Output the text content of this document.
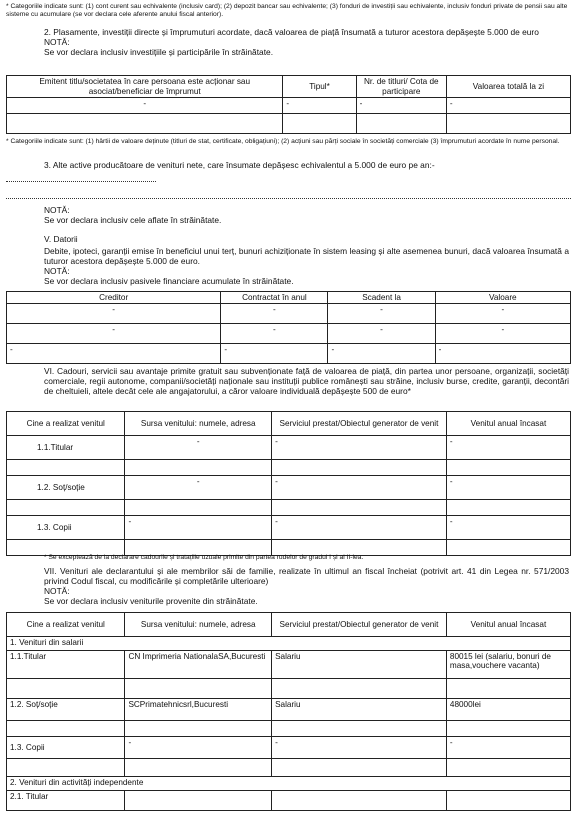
* Categoriile indicate sunt: (1) cont curent sau echivalente (inclusiv card); (2) depozit bancar sau echivalente; (3) fonduri de investiții sau echivalente, inclusiv fonduri private de pensii sau alte sisteme cu acumulare (se vor declara cele aferente anului fiscal anterior).

2. Plasamente, investiții directe și împrumuturi acordate, dacă valoarea de piață însumată a tuturor acestora depășește 5.000 de euro

NOTĂ:

Se vor declara inclusiv investițiile și participările în străinătate.

Emitent titlu/societatea în care persoana este acționar sau asociat/beneficiar de împrumut	Tipul*	Nr. de titluri/ Cota de participare	Valoarea totală la zi
-	-	-	-

* Categoriile indicate sunt: (1) hârtii de valoare deținute (titluri de stat, certificate, obligațiuni); (2) acțiuni sau părți sociale în societăți comerciale (3) împrumuturi acordate în nume personal.

3. Alte active producătoare de venituri nete, care însumate depășesc echivalentul a 5.000 de euro pe an:-

NOTĂ:

Se vor declara inclusiv cele aflate în străinătate.

V. Datorii

Debite, ipoteci, garanții emise în beneficiul unui terț, bunuri achiziționate în sistem leasing și alte asemenea bunuri, dacă valoarea însumată a tuturor acestora depășește 5.000 de euro.

NOTĂ:

Se vor declara inclusiv pasivele financiare acumulate în străinătate.

Creditor	Contractat în anul	Scadent la	Valoare
-	-	-	-
-	-	-	-
-	-	-	-

VI. Cadouri, servicii sau avantaje primite gratuit sau subvenționate față de valoarea de piață, din partea unor persoane, organizații, societăți comerciale, regii autonome, companii/societăți naționale sau instituții publice românești sau străine, inclusiv burse, credite, garanții, decontări de cheltuieli, altele decât cele ale angajatorului, a căror valoare individuală depășește 500 de euro*

Cine a realizat venitul	Sursa venitului: numele, adresa	Serviciul prestat/Obiectul generator de venit	Venitul anual încasat
1.1.Titular	-	-	-

1.2. Soț/soție	-	-	-

1.3. Copii	-	-	-

* Se exceptează de la declarare cadourile și tratațiile uzuale primite din partea rudelor de gradul I și al II-lea.

VII. Venituri ale declarantului și ale membrilor săi de familie, realizate în ultimul an fiscal încheiat (potrivit art. 41 din Legea nr. 571/2003 privind Codul fiscal, cu modificările și completările ulterioare)

NOTĂ:

Se vor declara inclusiv veniturile provenite din străinătate.

Cine a realizat venitul	Sursa venitului: numele, adresa	Serviciul prestat/Obiectul generator de venit	Venitul anual încasat
1. Venituri din salarii			
1.1.Titular	CN Imprimeria NationalaSA,Bucuresti	Salariu	80015 lei (salariu, bonuri de masa,vouchere vacanta)

1.2. Soț/soție	SCPrimatehnicsrl,Bucuresti	Salariu	48000lei

1.3. Copii	-	-	-

2. Venituri din activități independente			
2.1. Titular			
